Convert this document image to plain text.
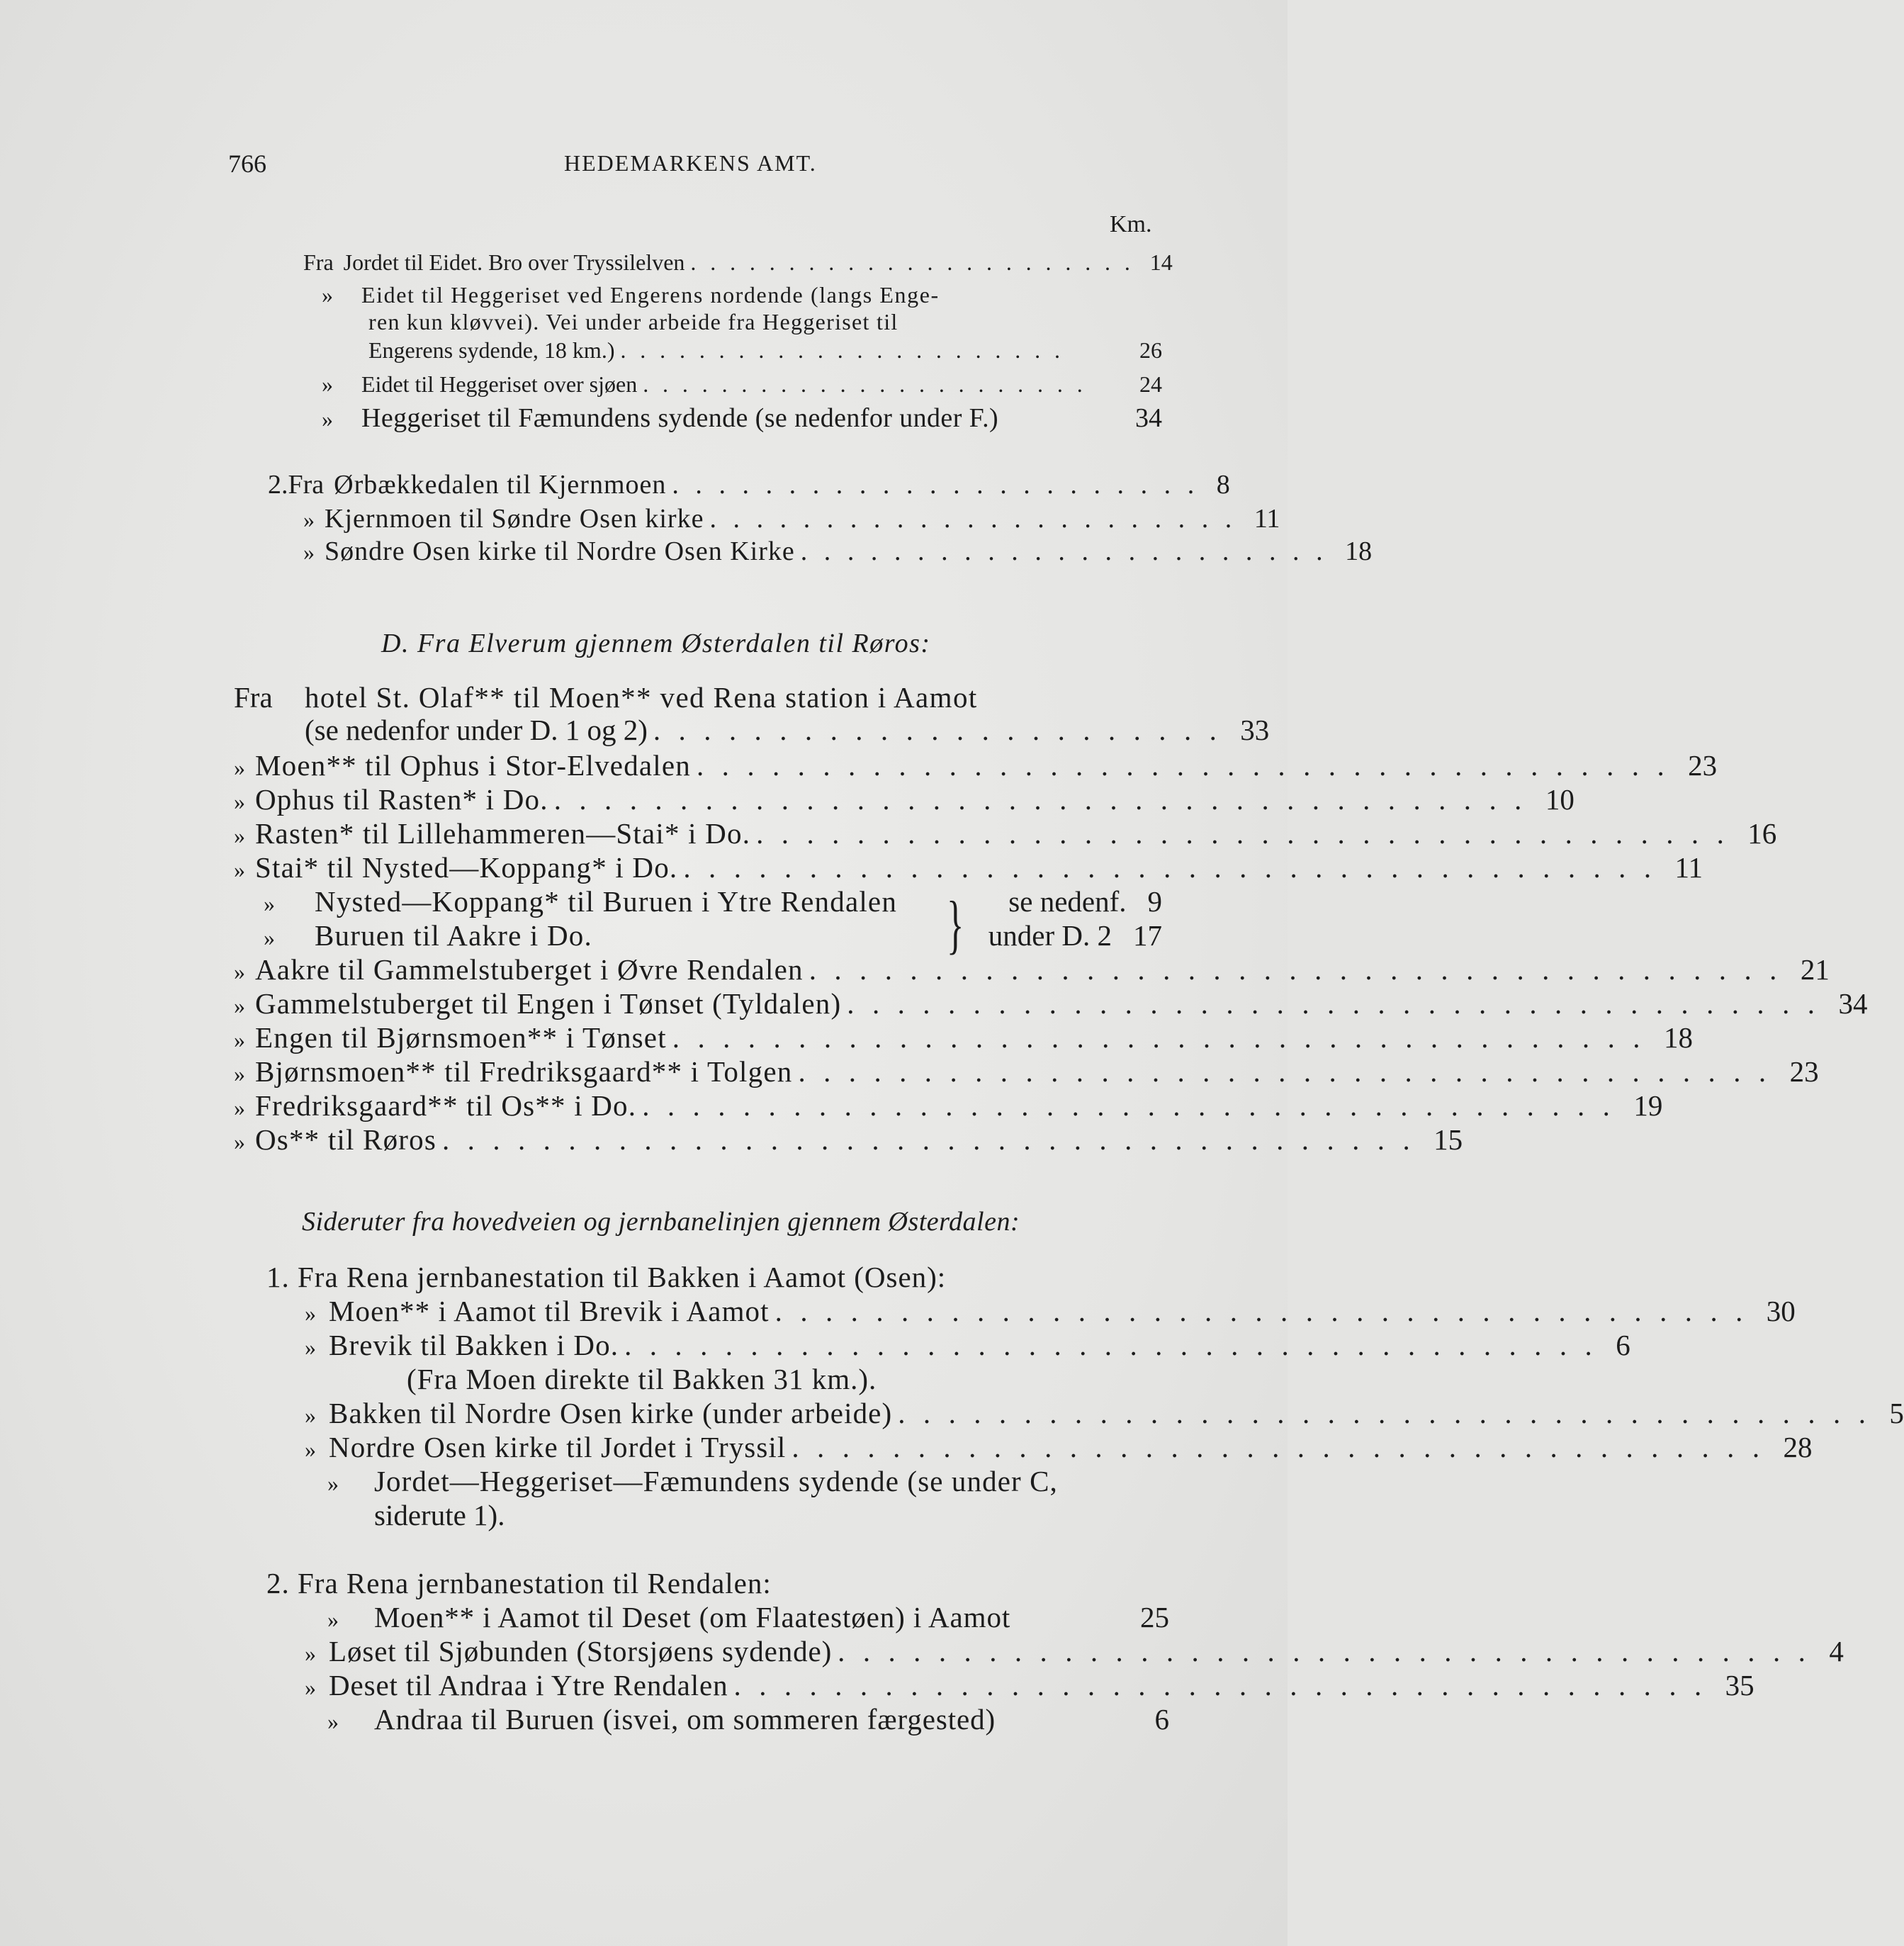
766	HEDEMARKENS AMT.
Km.
Fra Jordet til Eidet. Bro over Tryssilelven ....................... 14
»	Eidet til Heggeriset ved Engerens nordende (langs Enge-
ren kun kløvvei). Vei under arbeide fra Heggeriset til
Engerens sydende, 18 km.) .......................	26
»	Eidet til Heggeriset over sjøen .......................	24
»	Heggeriset til Fæmundens sydende (se nedenfor under F.)	34
2. Fra Ørbækkedalen til Kjernmoen ....................... 8
» Kjernmoen til Søndre Osen kirke ....................... 11
» Søndre Osen kirke til Nordre Osen Kirke ....................... 18
D. Fra Elverum gjennem Østerdalen til Røros:
Fra	hotel St. Olaf** til Moen** ved Rena station i Aamot
(se nedenfor under D. 1 og 2) ....................... 33
» Moen** til Ophus i Stor-Elvedalen ....................................... 23
» Ophus til Rasten* i Do. ....................................... 10
» Rasten* til Lillehammeren—Stai* i Do. ....................................... 16
» Stai* til Nysted—Koppang* i Do. ....................................... 11
»	Nysted—Koppang* til Buruen i Ytre Rendalen	se nedenf. 9
»	Buruen til Aakre i Do.	under D. 2 17
» Aakre til Gammelstuberget i Øvre Rendalen ....................................... 21
» Gammelstuberget til Engen i Tønset (Tyldalen) ....................................... 34
» Engen til Bjørnsmoen** i Tønset ....................................... 18
» Bjørnsmoen** til Fredriksgaard** i Tolgen ....................................... 23
» Fredriksgaard** til Os** i Do. ....................................... 19
» Os** til Røros ....................................... 15
}
Sideruter fra hovedveien og jernbanelinjen gjennem Østerdalen:
1. Fra Rena jernbanestation til Bakken i Aamot (Osen):
» Moen** i Aamot til Brevik i Aamot ....................................... 30
» Brevik til Bakken i Do. ....................................... 6
(Fra Moen direkte til Bakken 31 km.).
» Bakken til Nordre Osen kirke (under arbeide) ....................................... 5
» Nordre Osen kirke til Jordet i Tryssil ....................................... 28
»	Jordet—Heggeriset—Fæmundens sydende (se under C,
siderute 1).
2. Fra Rena jernbanestation til Rendalen:
»	Moen** i Aamot til Deset (om Flaatestøen) i Aamot	25
» Løset til Sjøbunden (Storsjøens sydende) ....................................... 4
» Deset til Andraa i Ytre Rendalen ....................................... 35
»	Andraa til Buruen (isvei, om sommeren færgested)	6
